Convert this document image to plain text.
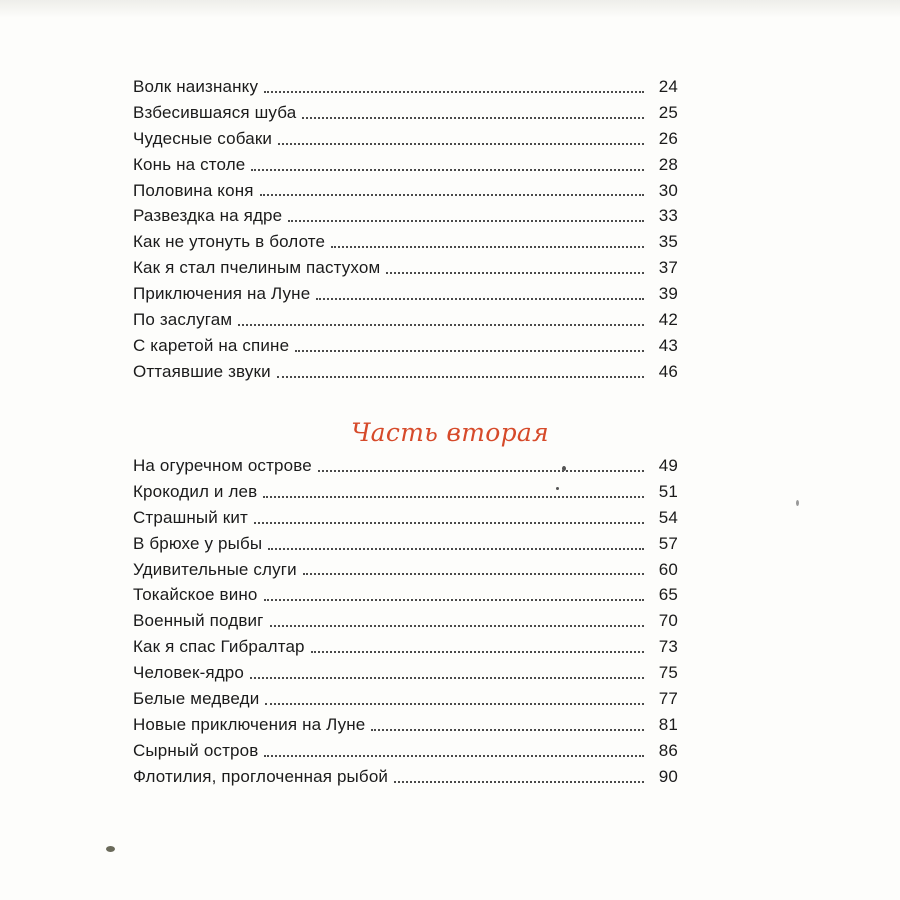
Волк наизнанку	24
Взбесившаяся шуба	25
Чудесные собаки	26
Конь на столе	28
Половина коня	30
Развездка на ядре	33
Как не утонуть в болоте	35
Как я стал пчелиным пастухом	37
Приключения на Луне	39
По заслугам	42
С каретой на спине	43
Оттаявшие звуки	46
Часть вторая
На огуречном острове	49
Крокодил и лев	51
Страшный кит	54
В брюхе у рыбы	57
Удивительные слуги	60
Токайское вино	65
Военный подвиг	70
Как я спас Гибралтар	73
Человек-ядро	75
Белые медведи	77
Новые приключения на Луне	81
Сырный остров	86
Флотилия, проглоченная рыбой	90
